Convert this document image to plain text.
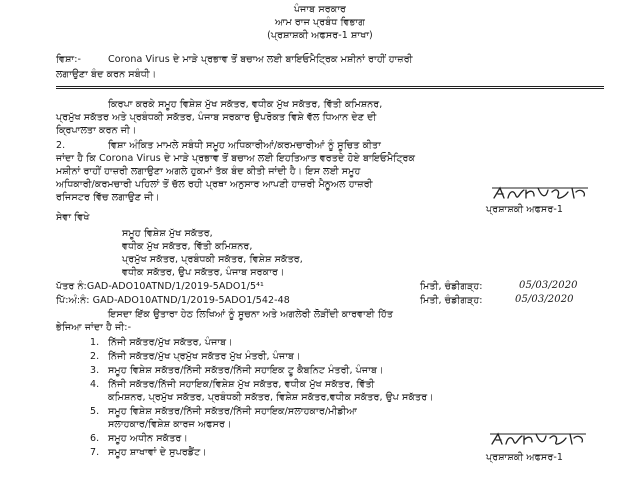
ਪੰਜਾਬ ਸਰਕਾਰ
ਆਮ ਰਾਜ ਪ੍ਰਬੰਧ ਵਿਭਾਗ
(ਪ੍ਰਸ਼ਾਸ਼ਕੀ ਅਫਸਰ-1 ਸ਼ਾਖਾ)
ਵਿਸ਼ਾ:-	Corona Virus ਦੇ ਮਾੜੇ ਪ੍ਰਭਾਵ ਤੋਂ ਬਚਾਅ ਲਈ ਬਾਇਓਮੈਟ੍ਰਿਕ ਮਸ਼ੀਨਾਂ ਰਾਹੀਂ ਹਾਜ਼ਰੀ
ਲਗਾਉਣਾ ਬੰਦ ਕਰਨ ਸਬੰਧੀ।
ਕਿਰਪਾ ਕਰਕੇ ਸਮੂਹ ਵਿਸ਼ੇਸ਼ ਮੁੱਖ ਸਕੱਤਰ, ਵਧੀਕ ਮੁੱਖ ਸਕੱਤਰ, ਵਿੱਤੀ ਕਮਿਸ਼ਨਰ,
ਪ੍ਰਮੁੱਖ ਸਕੱਤਰ ਅਤੇ ਪ੍ਰਬੰਧਕੀ ਸਕੱਤਰ, ਪੰਜਾਬ ਸਰਕਾਰ ਉਪਰੋਕਤ ਵਿਸ਼ੇ ਵੱਲ ਧਿਆਨ ਦੇਣ ਦੀ
ਕ੍ਰਿਪਾਲਤਾ ਕਰਨ ਜੀ।
2.	ਵਿਸ਼ਾ ਅੰਕਿਤ ਮਾਮਲੇ ਸਬੰਧੀ ਸਮੂਹ ਅਧਿਕਾਰੀਆਂ/ਕਰਮਚਾਰੀਆਂ ਨੂੰ ਸੂਚਿਤ ਕੀਤਾ
ਜਾਂਦਾ ਹੈ ਕਿ Corona Virus ਦੇ ਮਾੜੇ ਪ੍ਰਭਾਵ ਤੋਂ ਬਚਾਅ ਲਈ ਇਹਤਿਆਤ ਵਰਤਦੇ ਹੋਏ ਬਾਇਓਮੈਟ੍ਰਿਕ
ਮਸ਼ੀਨਾਂ ਰਾਹੀਂ ਹਾਜ਼ਰੀ ਲਗਾਉਣਾ ਅਗਲੇ ਹੁਕਮਾਂ ਤੱਕ ਬੰਦ ਕੀਤੀ ਜਾਂਦੀ ਹੈ। ਇਸ ਲਈ ਸਮੂਹ
ਅਧਿਕਾਰੀ/ਕਰਮਚਾਰੀ ਪਹਿਲਾਂ ਤੋਂ ਚੱਲ ਰਹੀ ਪ੍ਰਥਾ ਅਨੁਸਾਰ ਆਪਣੀ ਹਾਜ਼ਰੀ ਮੈਨੂਅਲ ਹਾਜ਼ਰੀ
ਰਜਿਸਟਰ ਵਿੱਚ ਲਗਾਉਣ ਜੀ।
ਪ੍ਰਸ਼ਾਸ਼ਕੀ ਅਫਸਰ-1
ਸੇਵਾ ਵਿਖੇ
ਸਮੂਹ ਵਿਸ਼ੇਸ਼ ਮੁੱਖ ਸਕੱਤਰ,
ਵਧੀਕ ਮੁੱਖ ਸਕੱਤਰ, ਵਿੱਤੀ ਕਮਿਸ਼ਨਰ,
ਪ੍ਰਮੁੱਖ ਸਕੱਤਰ, ਪ੍ਰਬੰਧਕੀ ਸਕੱਤਰ, ਵਿਸ਼ੇਸ਼ ਸਕੱਤਰ,
ਵਧੀਕ ਸਕੱਤਰ, ਉਪ ਸਕੱਤਰ, ਪੰਜਾਬ ਸਰਕਾਰ।
ਪੱਤਰ ਨੰ:GAD-ADO10ATND/1/2019-5ADO1/5⁴¹	ਮਿਤੀ, ਚੰਡੀਗੜ੍ਹ:	05/03/2020
ਪਿੱ:ਅੰ:ਨੰ: GAD-ADO10ATND/1/2019-5ADO1/542-48	ਮਿਤੀ, ਚੰਡੀਗੜ੍ਹ:	05/03/2020
ਇਸਦਾ ਇੱਕ ਉਤਾਰਾ ਹੇਠ ਲਿਖਿਆਂ ਨੂੰ ਸੂਚਨਾ ਅਤੇ ਅਗਲੇਰੀ ਲੋੜੀਂਦੀ ਕਾਰਵਾਈ ਹਿੱਤ
ਭੇਜਿਆ ਜਾਂਦਾ ਹੈ ਜੀ:-
1. ਨਿੱਜੀ ਸਕੱਤਰ/ਮੁੱਖ ਸਕੱਤਰ, ਪੰਜਾਬ।
2. ਨਿੱਜੀ ਸਕੱਤਰ/ਮੁੱਖ ਪ੍ਰਮੁੱਖ ਸਕੱਤਰ ਮੁੱਖ ਮੰਤਰੀ, ਪੰਜਾਬ।
3. ਸਮੂਹ ਵਿਸ਼ੇਸ਼ ਸਕੱਤਰ/ਨਿੱਜੀ ਸਕੱਤਰ/ਨਿੱਜੀ ਸਹਾਇਕ ਟੂ ਕੈਬਨਿਟ ਮੰਤਰੀ, ਪੰਜਾਬ।
4. ਨਿੱਜੀ ਸਕੱਤਰ/ਨਿੱਜੀ ਸਹਾਇਕ/ਵਿਸ਼ੇਸ਼ ਮੁੱਖ ਸਕੱਤਰ, ਵਧੀਕ ਮੁੱਖ ਸਕੱਤਰ, ਵਿੱਤੀ
ਕਮਿਸ਼ਨਰ, ਪ੍ਰਮੁੱਖ ਸਕੱਤਰ, ਪ੍ਰਬੰਧਕੀ ਸਕੱਤਰ, ਵਿਸ਼ੇਸ਼ ਸਕੱਤਰ,ਵਧੀਕ ਸਕੱਤਰ, ਉਪ ਸਕੱਤਰ।
5. ਸਮੂਹ ਵਿਸ਼ੇਸ਼ ਸਕੱਤਰ/ਨਿੱਜੀ ਸਕੱਤਰ/ਨਿੱਜੀ ਸਹਾਇਕ/ਸਲਾਹਕਾਰ/ਮੀਡੀਆ
ਸਲਾਹਕਾਰ/ਵਿਸ਼ੇਸ਼ ਕਾਰਜ ਅਫਸਰ।
6. ਸਮੂਹ ਅਧੀਨ ਸਕੱਤਰ।
7. ਸਮੂਹ ਸ਼ਾਖਾਵਾਂ ਦੇ ਸੁਪਰਡੈਂਟ।	ਪ੍ਰਸ਼ਾਸ਼ਕੀ ਅਫਸਰ-1
